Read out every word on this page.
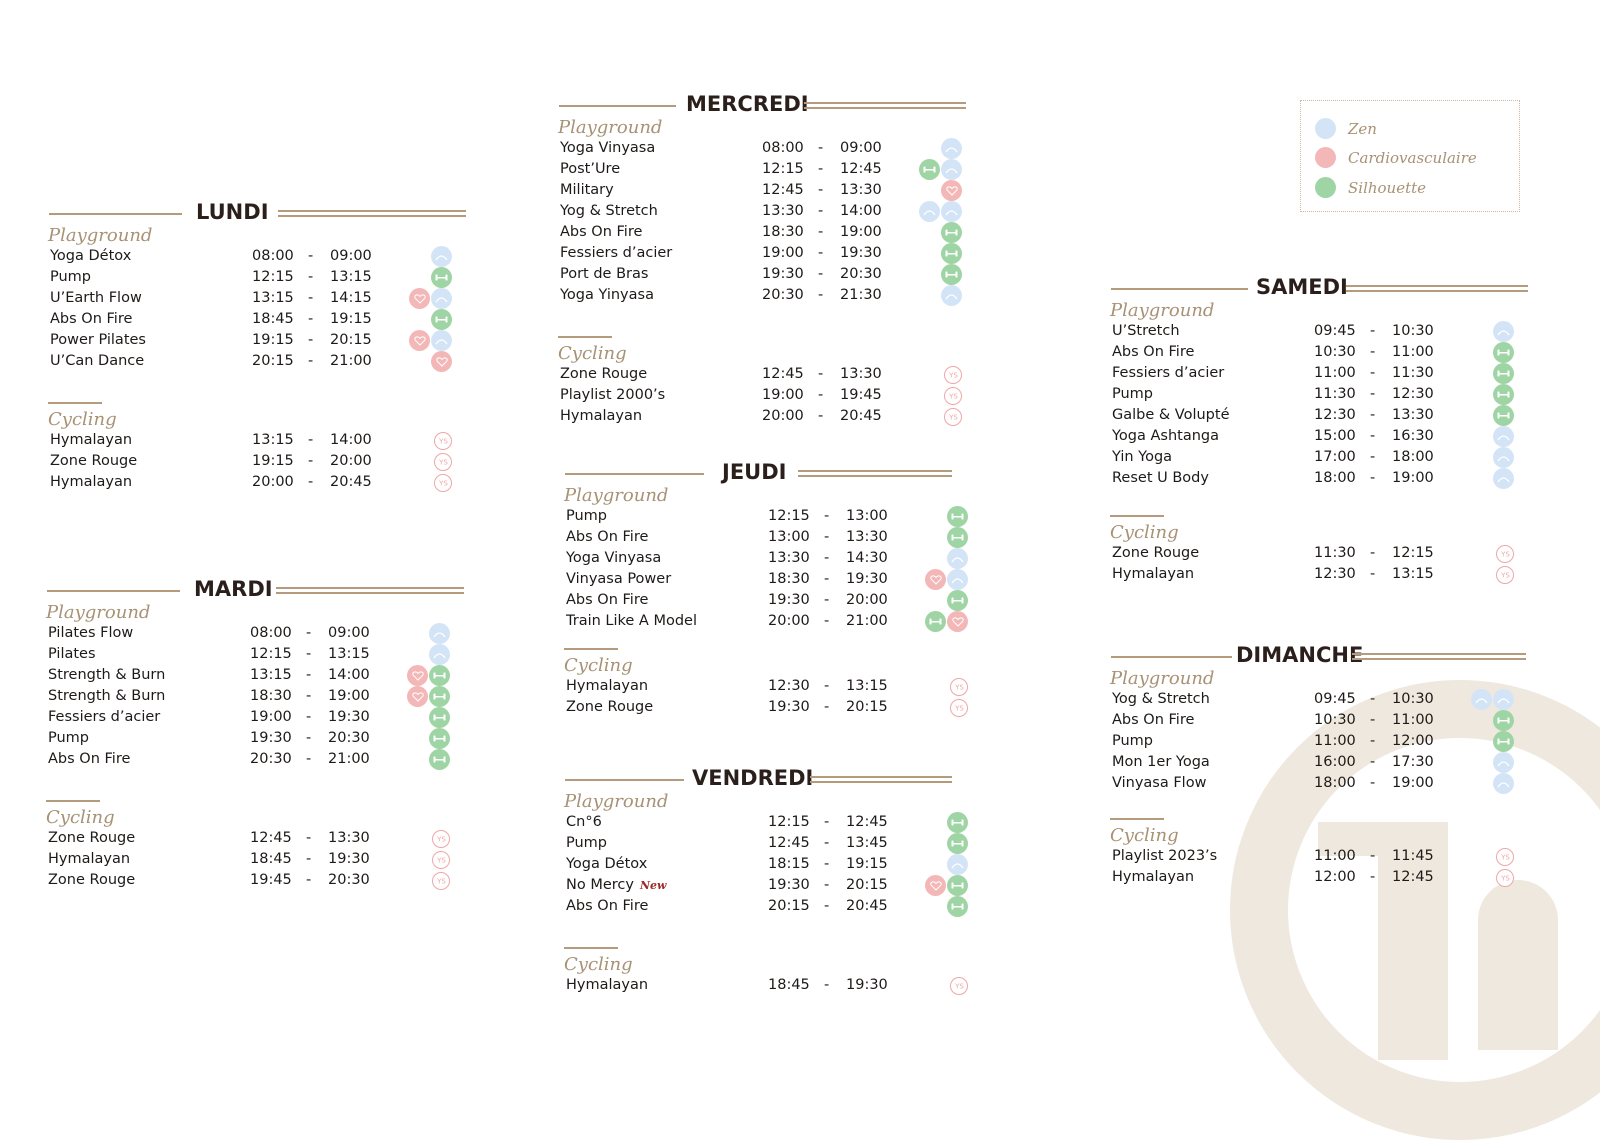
LUNDI
Playground
Yoga Détox	08:00 - 09:00
Pump	12:15 - 13:15
U’Earth Flow	13:15 - 14:15
Abs On Fire	18:45 - 19:15
Power Pilates	19:15 - 20:15
U’Can Dance	20:15 - 21:00
Cycling
Hymalayan	13:15 - 14:00	YS
Zone Rouge	19:15 - 20:00	YS
Hymalayan	20:00 - 20:45	YS
MARDI
Playground
Pilates Flow	08:00 - 09:00
Pilates	12:15 - 13:15
Strength & Burn	13:15 - 14:00
Strength & Burn	18:30 - 19:00
Fessiers d’acier	19:00 - 19:30
Pump	19:30 - 20:30
Abs On Fire	20:30 - 21:00
Cycling
Zone Rouge	12:45 - 13:30	YS
Hymalayan	18:45 - 19:30	YS
Zone Rouge	19:45 - 20:30	YS
MERCREDI
Playground
Yoga Vinyasa	08:00 - 09:00
Post’Ure	12:15 - 12:45
Military	12:45 - 13:30
Yog & Stretch	13:30 - 14:00
Abs On Fire	18:30 - 19:00
Fessiers d’acier	19:00 - 19:30
Port de Bras	19:30 - 20:30
Yoga Yinyasa	20:30 - 21:30
Cycling
Zone Rouge	12:45 - 13:30	YS
Playlist 2000’s	19:00 - 19:45	YS
Hymalayan	20:00 - 20:45	YS
JEUDI
Playground
Pump	12:15 - 13:00
Abs On Fire	13:00 - 13:30
Yoga Vinyasa	13:30 - 14:30
Vinyasa Power	18:30 - 19:30
Abs On Fire	19:30 - 20:00
Train Like A Model	20:00 - 21:00
Cycling
Hymalayan	12:30 - 13:15	YS
Zone Rouge	19:30 - 20:15	YS
VENDREDI
Playground
Cn°6	12:15 - 12:45
Pump	12:45 - 13:45
Yoga Détox	18:15 - 19:15
No Mercy New	19:30 - 20:15
Abs On Fire	20:15 - 20:45
Cycling
Hymalayan	18:45 - 19:30	YS
SAMEDI
Playground
U’Stretch	09:45 - 10:30
Abs On Fire	10:30 - 11:00
Fessiers d’acier	11:00 - 11:30
Pump	11:30 - 12:30
Galbe & Volupté	12:30 - 13:30
Yoga Ashtanga	15:00 - 16:30
Yin Yoga	17:00 - 18:00
Reset U Body	18:00 - 19:00
Cycling
Zone Rouge	11:30 - 12:15	YS
Hymalayan	12:30 - 13:15	YS
DIMANCHE
Playground
Yog & Stretch	09:45 - 10:30
Abs On Fire	10:30 - 11:00
Pump	11:00 - 12:00
Mon 1er Yoga	16:00 - 17:30
Vinyasa Flow	18:00 - 19:00
Cycling
Playlist 2023’s	11:00 - 11:45	YS
Hymalayan	12:00 - 12:45	YS
Zen
Cardiovasculaire
Silhouette
